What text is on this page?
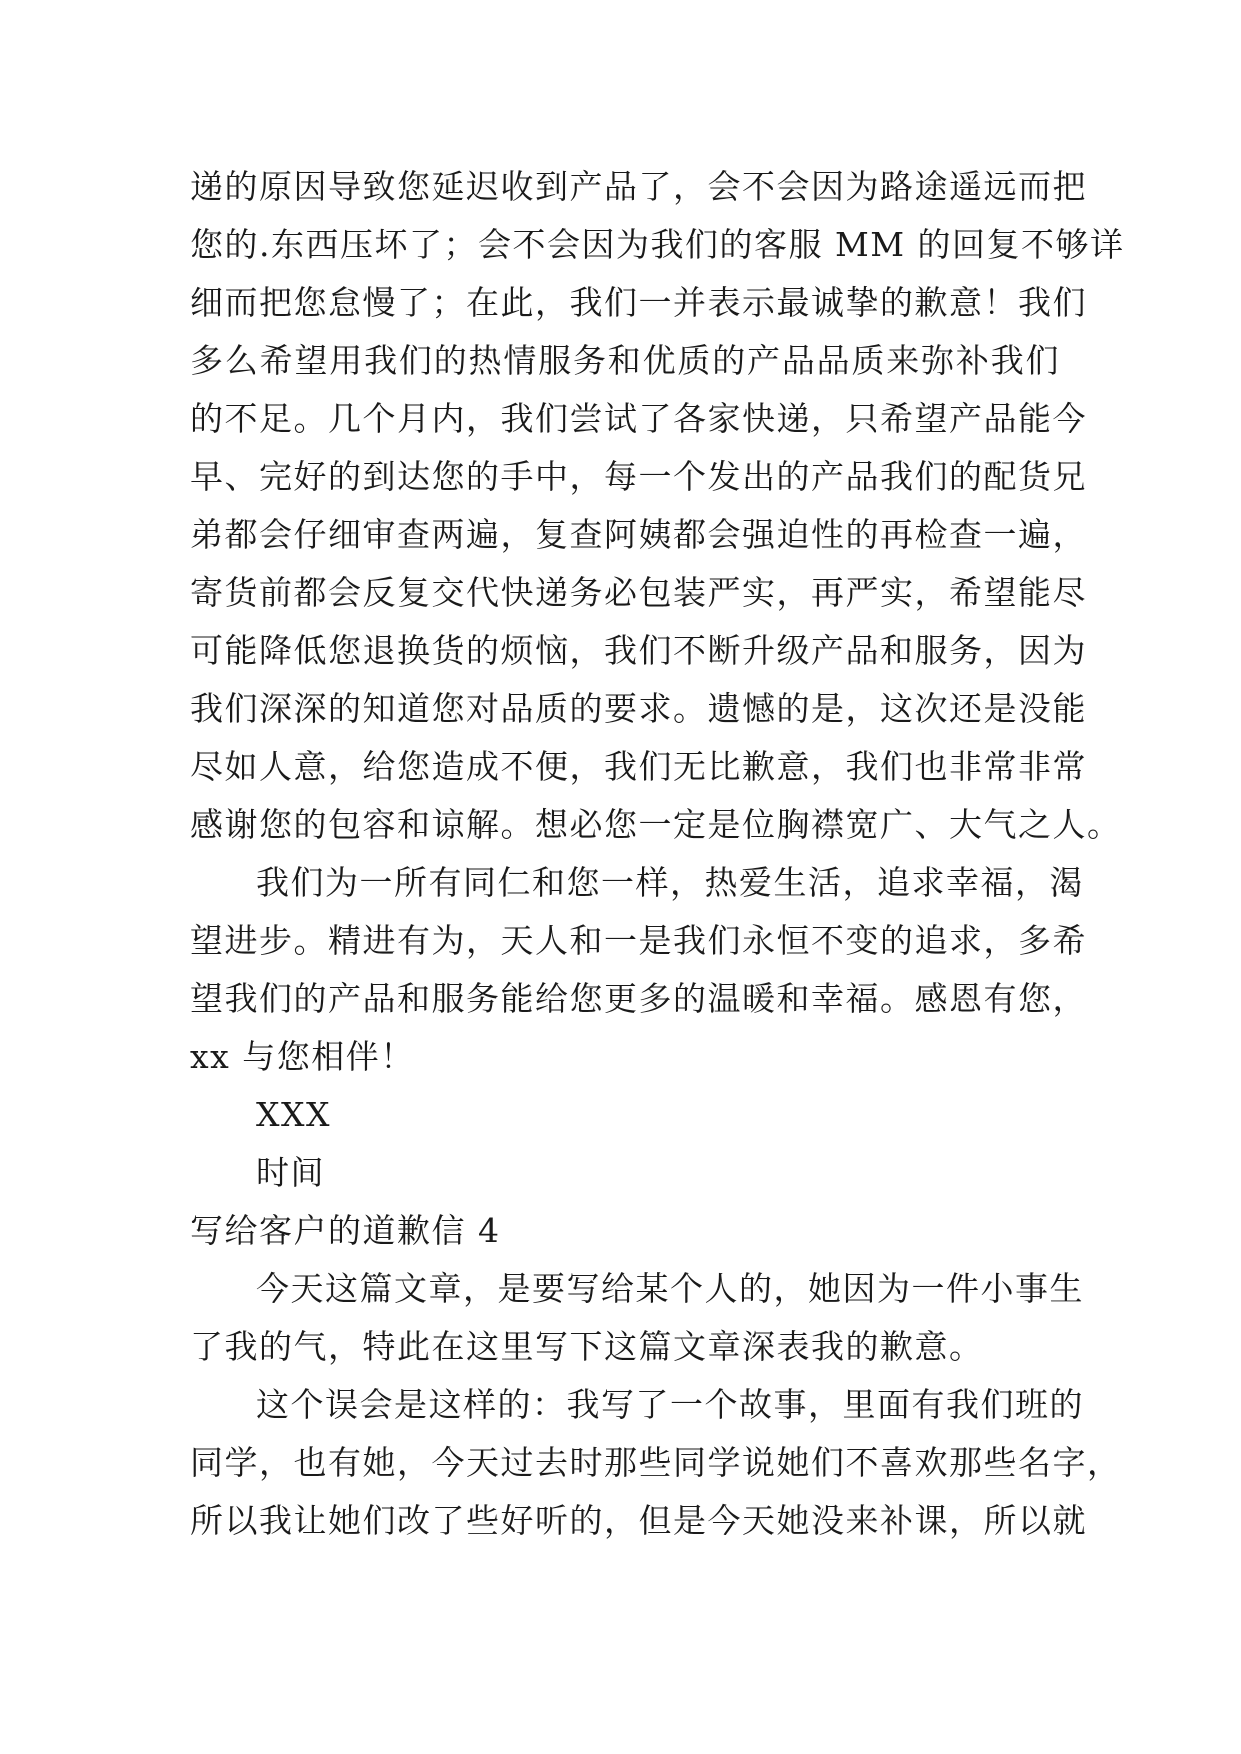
递的原因导致您延迟收到产品了，会不会因为路途遥远而把
您的.东西压坏了；会不会因为我们的客服 MM 的回复不够详
细而把您怠慢了；在此，我们一并表示最诚挚的歉意！我们
多么希望用我们的热情服务和优质的产品品质来弥补我们
的不足。几个月内，我们尝试了各家快递，只希望产品能今
早、完好的到达您的手中，每一个发出的产品我们的配货兄
弟都会仔细审查两遍，复查阿姨都会强迫性的再检查一遍，
寄货前都会反复交代快递务必包装严实，再严实，希望能尽
可能降低您退换货的烦恼，我们不断升级产品和服务，因为
我们深深的知道您对品质的要求。遗憾的是，这次还是没能
尽如人意，给您造成不便，我们无比歉意，我们也非常非常
感谢您的包容和谅解。想必您一定是位胸襟宽广、大气之人。
我们为一所有同仁和您一样，热爱生活，追求幸福，渴
望进步。精进有为，天人和一是我们永恒不变的追求，多希
望我们的产品和服务能给您更多的温暖和幸福。感恩有您，
xx 与您相伴！
XXX
时间
写给客户的道歉信 4
今天这篇文章，是要写给某个人的，她因为一件小事生
了我的气，特此在这里写下这篇文章深表我的歉意。
这个误会是这样的：我写了一个故事，里面有我们班的
同学，也有她，今天过去时那些同学说她们不喜欢那些名字，
所以我让她们改了些好听的，但是今天她没来补课，所以就
